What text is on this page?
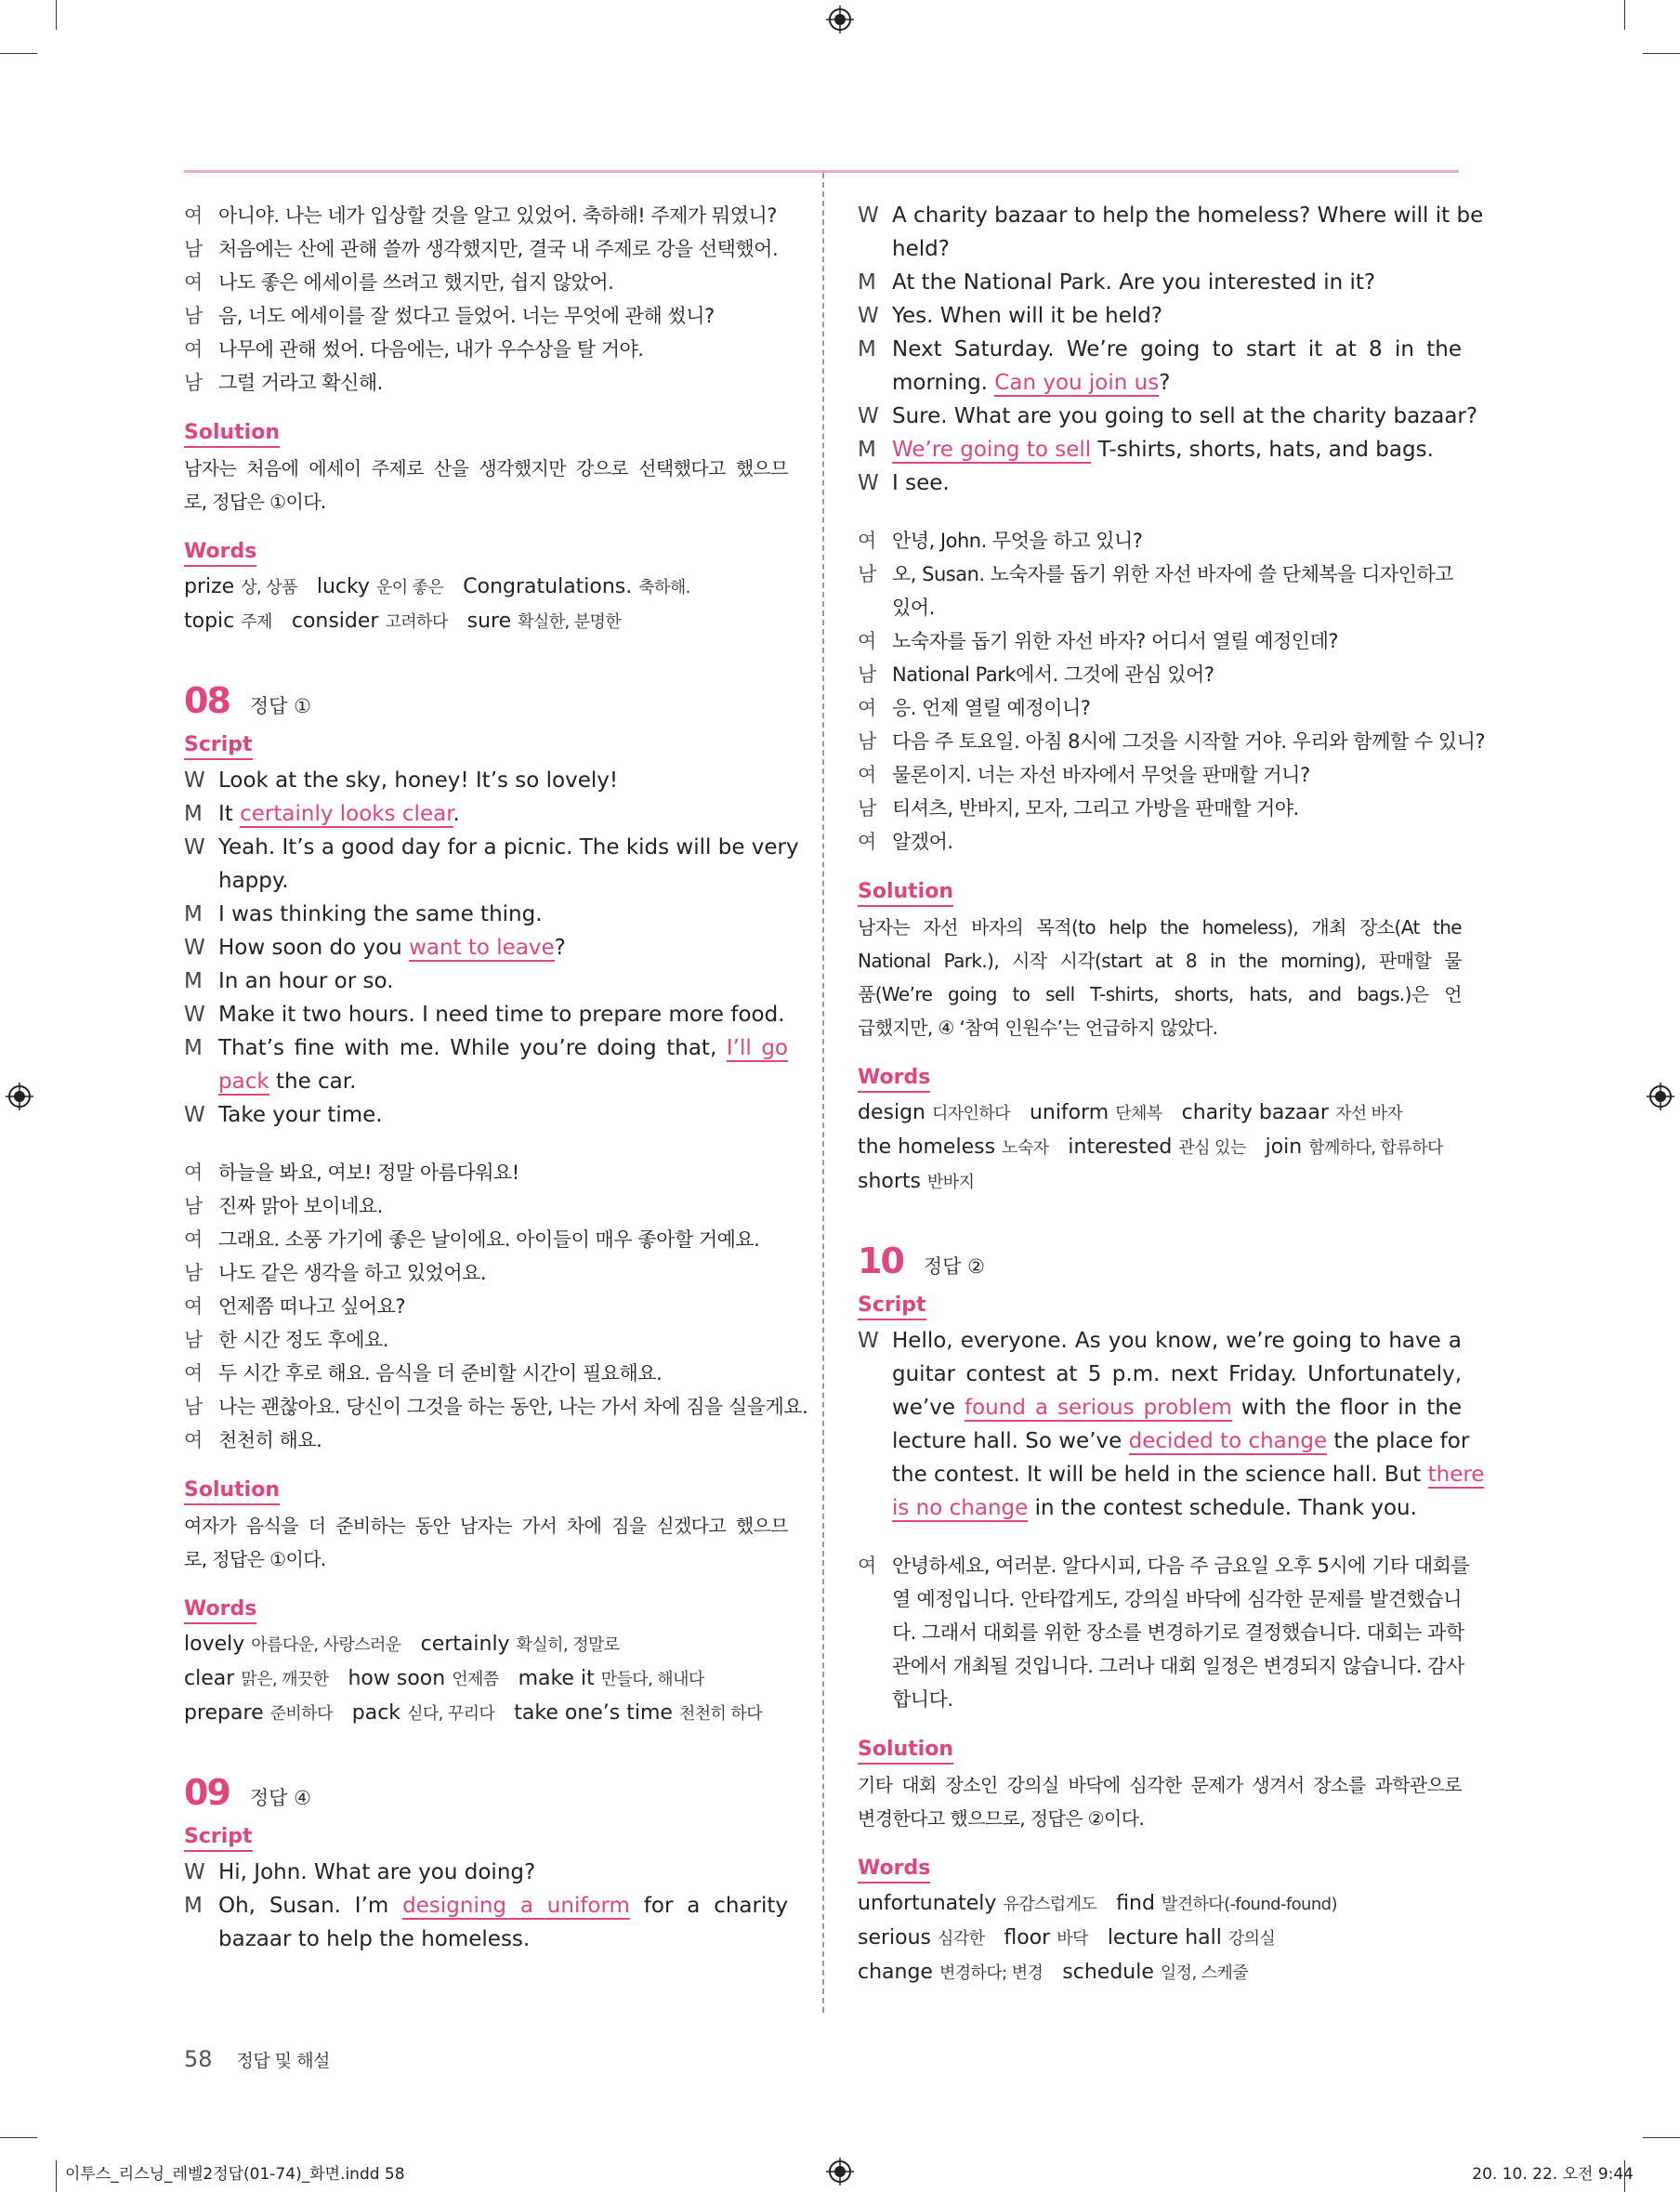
여 아니야. 나는 네가 입상할 것을 알고 있었어. 축하해! 주제가 뭐였니?
남 처음에는 산에 관해 쓸까 생각했지만, 결국 내 주제로 강을 선택했어.
여 나도 좋은 에세이를 쓰려고 했지만, 쉽지 않았어.
남 음, 너도 에세이를 잘 썼다고 들었어. 너는 무엇에 관해 썼니?
여 나무에 관해 썼어. 다음에는, 내가 우수상을 탈 거야.
남 그럴 거라고 확신해.
Solution
남자는 처음에 에세이 주제로 산을 생각했지만 강으로 선택했다고 했으므
로, 정답은 ①이다.
Words
prize 상, 상품 lucky 운이 좋은 Congratulations. 축하해.
topic 주제 consider 고려하다 sure 확실한, 분명한
08 정답 ①
Script
W Look at the sky, honey! It’s so lovely!
M It certainly looks clear.
W Yeah. It’s a good day for a picnic. The kids will be very
happy.
M I was thinking the same thing.
W How soon do you want to leave?
M In an hour or so.
W Make it two hours. I need time to prepare more food.
M That’s fine with me. While you’re doing that, I’ll go
pack the car.
W Take your time.
여 하늘을 봐요, 여보! 정말 아름다워요!
남 진짜 맑아 보이네요.
여 그래요. 소풍 가기에 좋은 날이에요. 아이들이 매우 좋아할 거예요.
남 나도 같은 생각을 하고 있었어요.
여 언제쯤 떠나고 싶어요?
남 한 시간 정도 후에요.
여 두 시간 후로 해요. 음식을 더 준비할 시간이 필요해요.
남 나는 괜찮아요. 당신이 그것을 하는 동안, 나는 가서 차에 짐을 실을게요.
여 천천히 해요.
Solution
여자가 음식을 더 준비하는 동안 남자는 가서 차에 짐을 싣겠다고 했으므
로, 정답은 ①이다.
Words
lovely 아름다운, 사랑스러운 certainly 확실히, 정말로
clear 맑은, 깨끗한 how soon 언제쯤 make it 만들다, 해내다
prepare 준비하다 pack 싣다, 꾸리다 take one’s time 천천히 하다
09 정답 ④
Script
W Hi, John. What are you doing?
M Oh, Susan. I’m designing a uniform for a charity
bazaar to help the homeless.
W A charity bazaar to help the homeless? Where will it be
held?
M At the National Park. Are you interested in it?
W Yes. When will it be held?
M Next Saturday. We’re going to start it at 8 in the
morning. Can you join us?
W Sure. What are you going to sell at the charity bazaar?
M We’re going to sell T-shirts, shorts, hats, and bags.
W I see.
여 안녕, John. 무엇을 하고 있니?
남 오, Susan. 노숙자를 돕기 위한 자선 바자에 쓸 단체복을 디자인하고
있어.
여 노숙자를 돕기 위한 자선 바자? 어디서 열릴 예정인데?
남 National Park에서. 그것에 관심 있어?
여 응. 언제 열릴 예정이니?
남 다음 주 토요일. 아침 8시에 그것을 시작할 거야. 우리와 함께할 수 있니?
여 물론이지. 너는 자선 바자에서 무엇을 판매할 거니?
남 티셔츠, 반바지, 모자, 그리고 가방을 판매할 거야.
여 알겠어.
Solution
남자는 자선 바자의 목적(to help the homeless), 개최 장소(At the
National Park.), 시작 시각(start at 8 in the morning), 판매할 물
품(We’re going to sell T-shirts, shorts, hats, and bags.)은 언
급했지만, ④ ‘참여 인원수’는 언급하지 않았다.
Words
design 디자인하다 uniform 단체복 charity bazaar 자선 바자
the homeless 노숙자 interested 관심 있는 join 함께하다, 합류하다
shorts 반바지
10 정답 ②
Script
W Hello, everyone. As you know, we’re going to have a
guitar contest at 5 p.m. next Friday. Unfortunately,
we’ve found a serious problem with the floor in the
lecture hall. So we’ve decided to change the place for
the contest. It will be held in the science hall. But there
is no change in the contest schedule. Thank you.
여 안녕하세요, 여러분. 알다시피, 다음 주 금요일 오후 5시에 기타 대회를
열 예정입니다. 안타깝게도, 강의실 바닥에 심각한 문제를 발견했습니
다. 그래서 대회를 위한 장소를 변경하기로 결정했습니다. 대회는 과학
관에서 개최될 것입니다. 그러나 대회 일정은 변경되지 않습니다. 감사
합니다.
Solution
기타 대회 장소인 강의실 바닥에 심각한 문제가 생겨서 장소를 과학관으로
변경한다고 했으므로, 정답은 ②이다.
Words
unfortunately 유감스럽게도 find 발견하다(-found-found)
serious 심각한 floor 바닥 lecture hall 강의실
change 변경하다; 변경 schedule 일정, 스케줄
58 정답 및 해설
이투스_리스닝_레벨2정답(01-74)_화면.indd 58	20. 10. 22. 오전 9:44
